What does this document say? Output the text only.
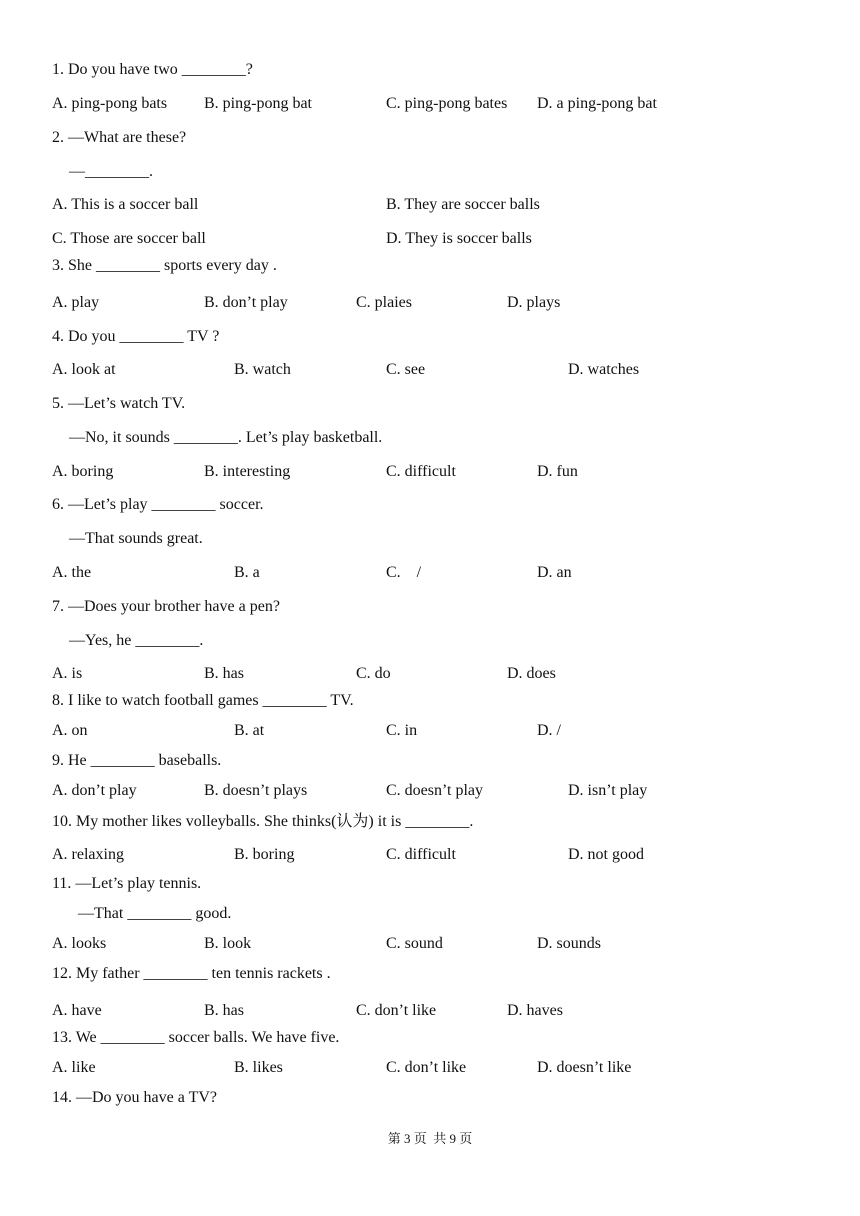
1. Do you have two ________?
A. ping-pong bats B. ping-pong bat	C. ping-pong bates D. a ping-pong bat
2. —What are these?
—________.
A. This is a soccer ball	B. They are soccer balls
C. Those are soccer ball	D. They is soccer balls
3. She ________ sports every day .
A. play	B. don’t play	C. plaies	D. plays
4. Do you ________ TV ?
A. look at	B. watch	C. see	D. watches
5. —Let’s watch TV.
—No, it sounds ________. Let’s play basketball.
A. boring	B. interesting	C. difficult	D. fun
6. —Let’s play ________ soccer.
—That sounds great.
A. the	B. a	C.    /	D. an
7. —Does your brother have a pen?
—Yes, he ________.
A. is	B. has	C. do	D. does
8. I like to watch football games ________ TV.
A. on	B. at	C. in	D. /
9. He ________ baseballs.
A. don’t play	B. doesn’t plays	C. doesn’t play	D. isn’t play
10. My mother likes volleyballs. She thinks(认为) it is ________.
A. relaxing	B. boring	C. difficult	D. not good
11. —Let’s play tennis.
—That ________ good.
A. looks	B. look	C. sound	D. sounds
12. My father ________ ten tennis rackets .
A. have	B. has	C. don’t like	D. haves
13. We ________ soccer balls. We have five.
A. like	B. likes	C. don’t like	D. doesn’t like
14. —Do you have a TV?
第 3 页  共 9 页
